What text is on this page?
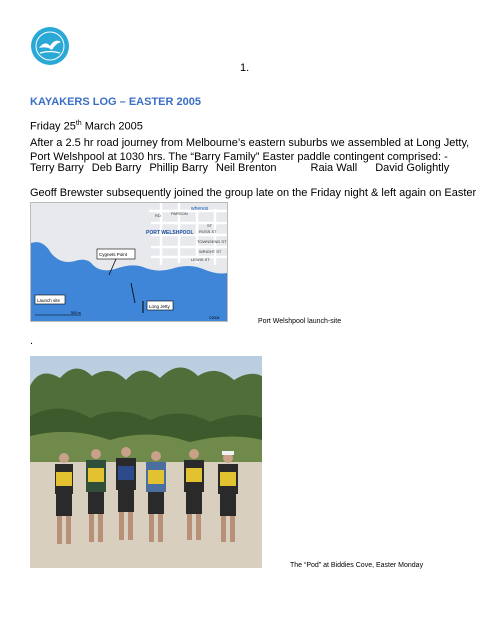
1.
KAYAKERS LOG – EASTER 2005
Friday 25th March 2005
After a 2.5 hr road journey from Melbourne’s eastern suburbs we assembled at Long Jetty, Port Welshpool at 1030 hrs. The “Barry Family” Easter paddle contingent comprised: -
Terry Barry Deb Barry Phillip Barry Neil Brenton	Raia Wall David Golightly
Geoff Brewster subsequently joined the group late on the Friday night & left again on Easter
whereis
PARSON
ST
ROSS ST
TOWNSEND ST
WRIGHT ST
LEWIS ST
RD
PORT WELSHPOOL
Cygnets Point
Launch site
Long Jetty
500 m
©2004	Port Welshpool launch-site
.
The “Pod” at Biddies Cove, Easter Monday
